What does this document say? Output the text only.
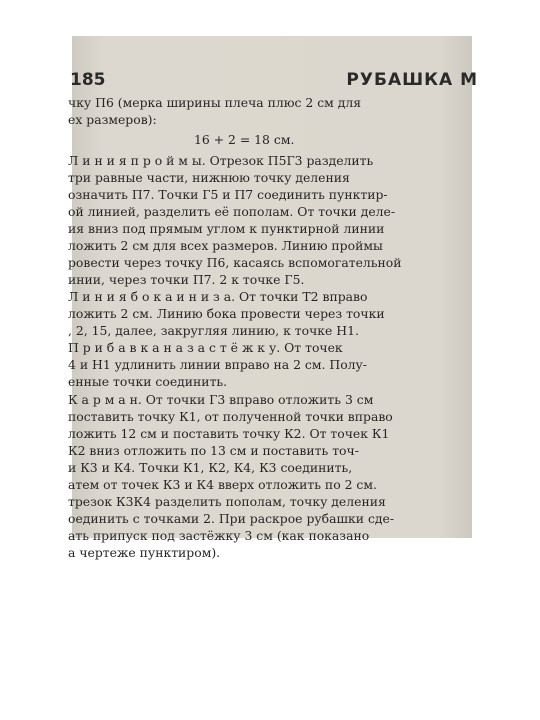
185	РУБАШКА М
чку П6 (мерка ширины плеча плюс 2 см для
ех размеров):
16 + 2 = 18 см.
Л и н и я п р о й м ы. Отрезок П5Г3 разделить
три равные части, нижнюю точку деления
означить П7. Точки Г5 и П7 соединить пунктир-
ой линией, разделить её пополам. От точки деле-
ия вниз под прямым углом к пунктирной линии
ложить 2 см для всех размеров. Линию проймы
ровести через точку П6, касаясь вспомогательной
инии, через точки П7. 2 к точке Г5.
Л и н и я б о к а и н и з а. От точки Т2 вправо
ложить 2 см. Линию бока провести через точки
, 2, 15, далее, закругляя линию, к точке Н1.
П р и б а в к а н а з а с т ё ж к у. От точек
4 и Н1 удлинить линии вправо на 2 см. Полу-
енные точки соединить.
К а р м а н. От точки Г3 вправо отложить 3 см
поставить точку К1, от полученной точки вправо
ложить 12 см и поставить точку К2. От точек К1
К2 вниз отложить по 13 см и поставить точ-
и К3 и К4. Точки К1, К2, К4, К3 соединить,
атем от точек К3 и К4 вверх отложить по 2 см.
трезок К3К4 разделить пополам, точку деления
оединить с точками 2. При раскрое рубашки сде-
ать припуск под застёжку 3 см (как показано
а чертеже пунктиром).
